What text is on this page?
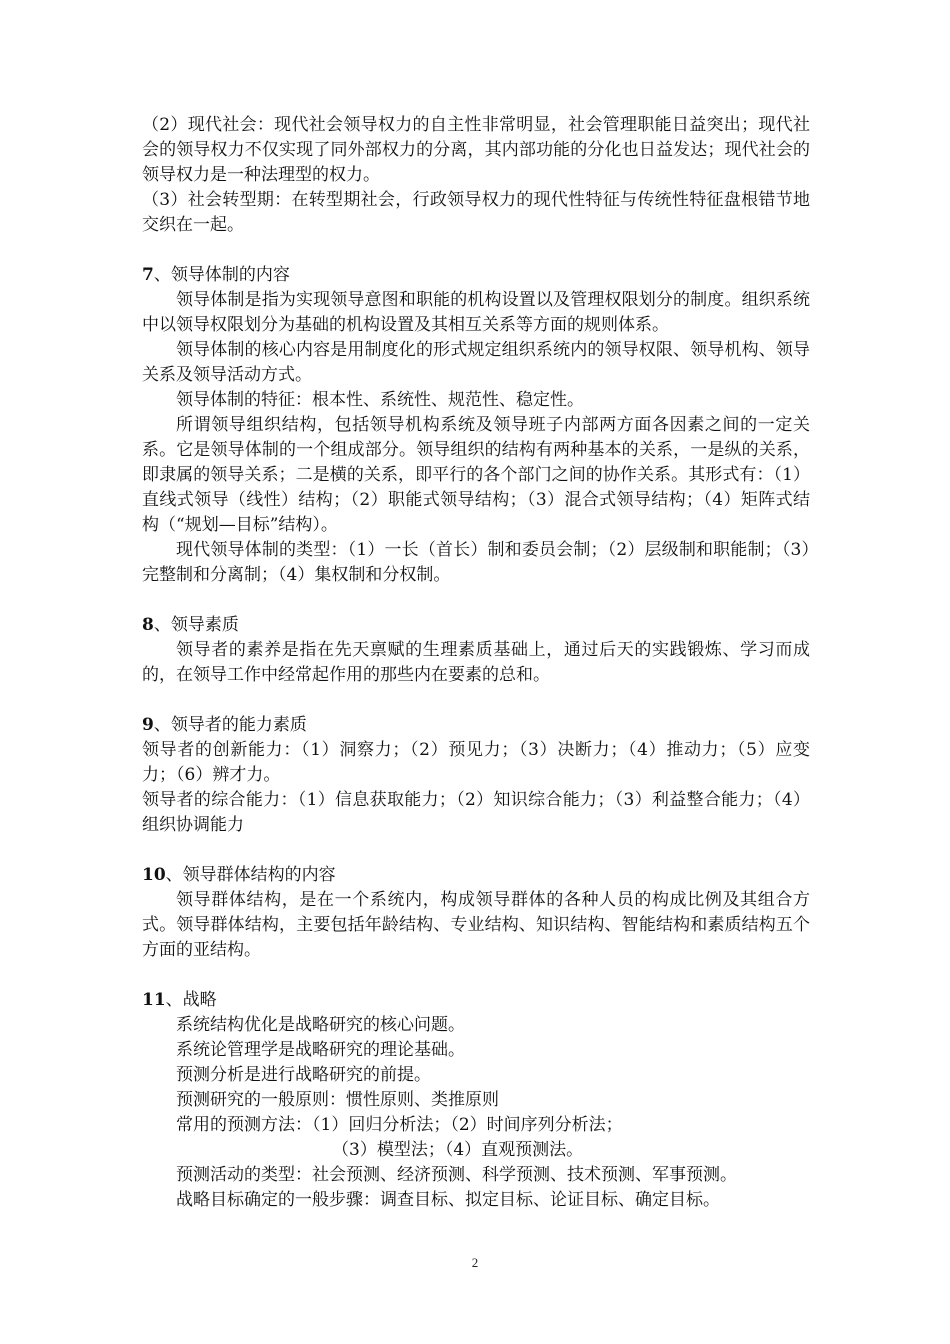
（2）现代社会：现代社会领导权力的自主性非常明显，社会管理职能日益突出；现代社会的领导权力不仅实现了同外部权力的分离，其内部功能的分化也日益发达；现代社会的领导权力是一种法理型的权力。

（3）社会转型期：在转型期社会，行政领导权力的现代性特征与传统性特征盘根错节地交织在一起。

7、领导体制的内容

领导体制是指为实现领导意图和职能的机构设置以及管理权限划分的制度。组织系统中以领导权限划分为基础的机构设置及其相互关系等方面的规则体系。

领导体制的核心内容是用制度化的形式规定组织系统内的领导权限、领导机构、领导关系及领导活动方式。

领导体制的特征：根本性、系统性、规范性、稳定性。

所谓领导组织结构，包括领导机构系统及领导班子内部两方面各因素之间的一定关系。它是领导体制的一个组成部分。领导组织的结构有两种基本的关系，一是纵的关系，即隶属的领导关系；二是横的关系，即平行的各个部门之间的协作关系。其形式有：（1）直线式领导（线性）结构；（2）职能式领导结构；（3）混合式领导结构；（4）矩阵式结构（“规划—目标”结构）。

现代领导体制的类型：（1）一长（首长）制和委员会制；（2）层级制和职能制；（3）完整制和分离制；（4）集权制和分权制。

8、领导素质

领导者的素养是指在先天禀赋的生理素质基础上，通过后天的实践锻炼、学习而成的，在领导工作中经常起作用的那些内在要素的总和。

9、领导者的能力素质

领导者的创新能力：（1）洞察力；（2）预见力；（3）决断力；（4）推动力；（5）应变力；（6）辨才力。

领导者的综合能力：（1）信息获取能力；（2）知识综合能力；（3）利益整合能力；（4）组织协调能力

10、领导群体结构的内容

领导群体结构，是在一个系统内，构成领导群体的各种人员的构成比例及其组合方式。领导群体结构，主要包括年龄结构、专业结构、知识结构、智能结构和素质结构五个方面的亚结构。

11、战略

系统结构优化是战略研究的核心问题。

系统论管理学是战略研究的理论基础。

预测分析是进行战略研究的前提。

预测研究的一般原则：惯性原则、类推原则

常用的预测方法：（1）回归分析法；（2）时间序列分析法；

（3）模型法；（4）直观预测法。

预测活动的类型：社会预测、经济预测、科学预测、技术预测、军事预测。

战略目标确定的一般步骤：调查目标、拟定目标、论证目标、确定目标。

2
